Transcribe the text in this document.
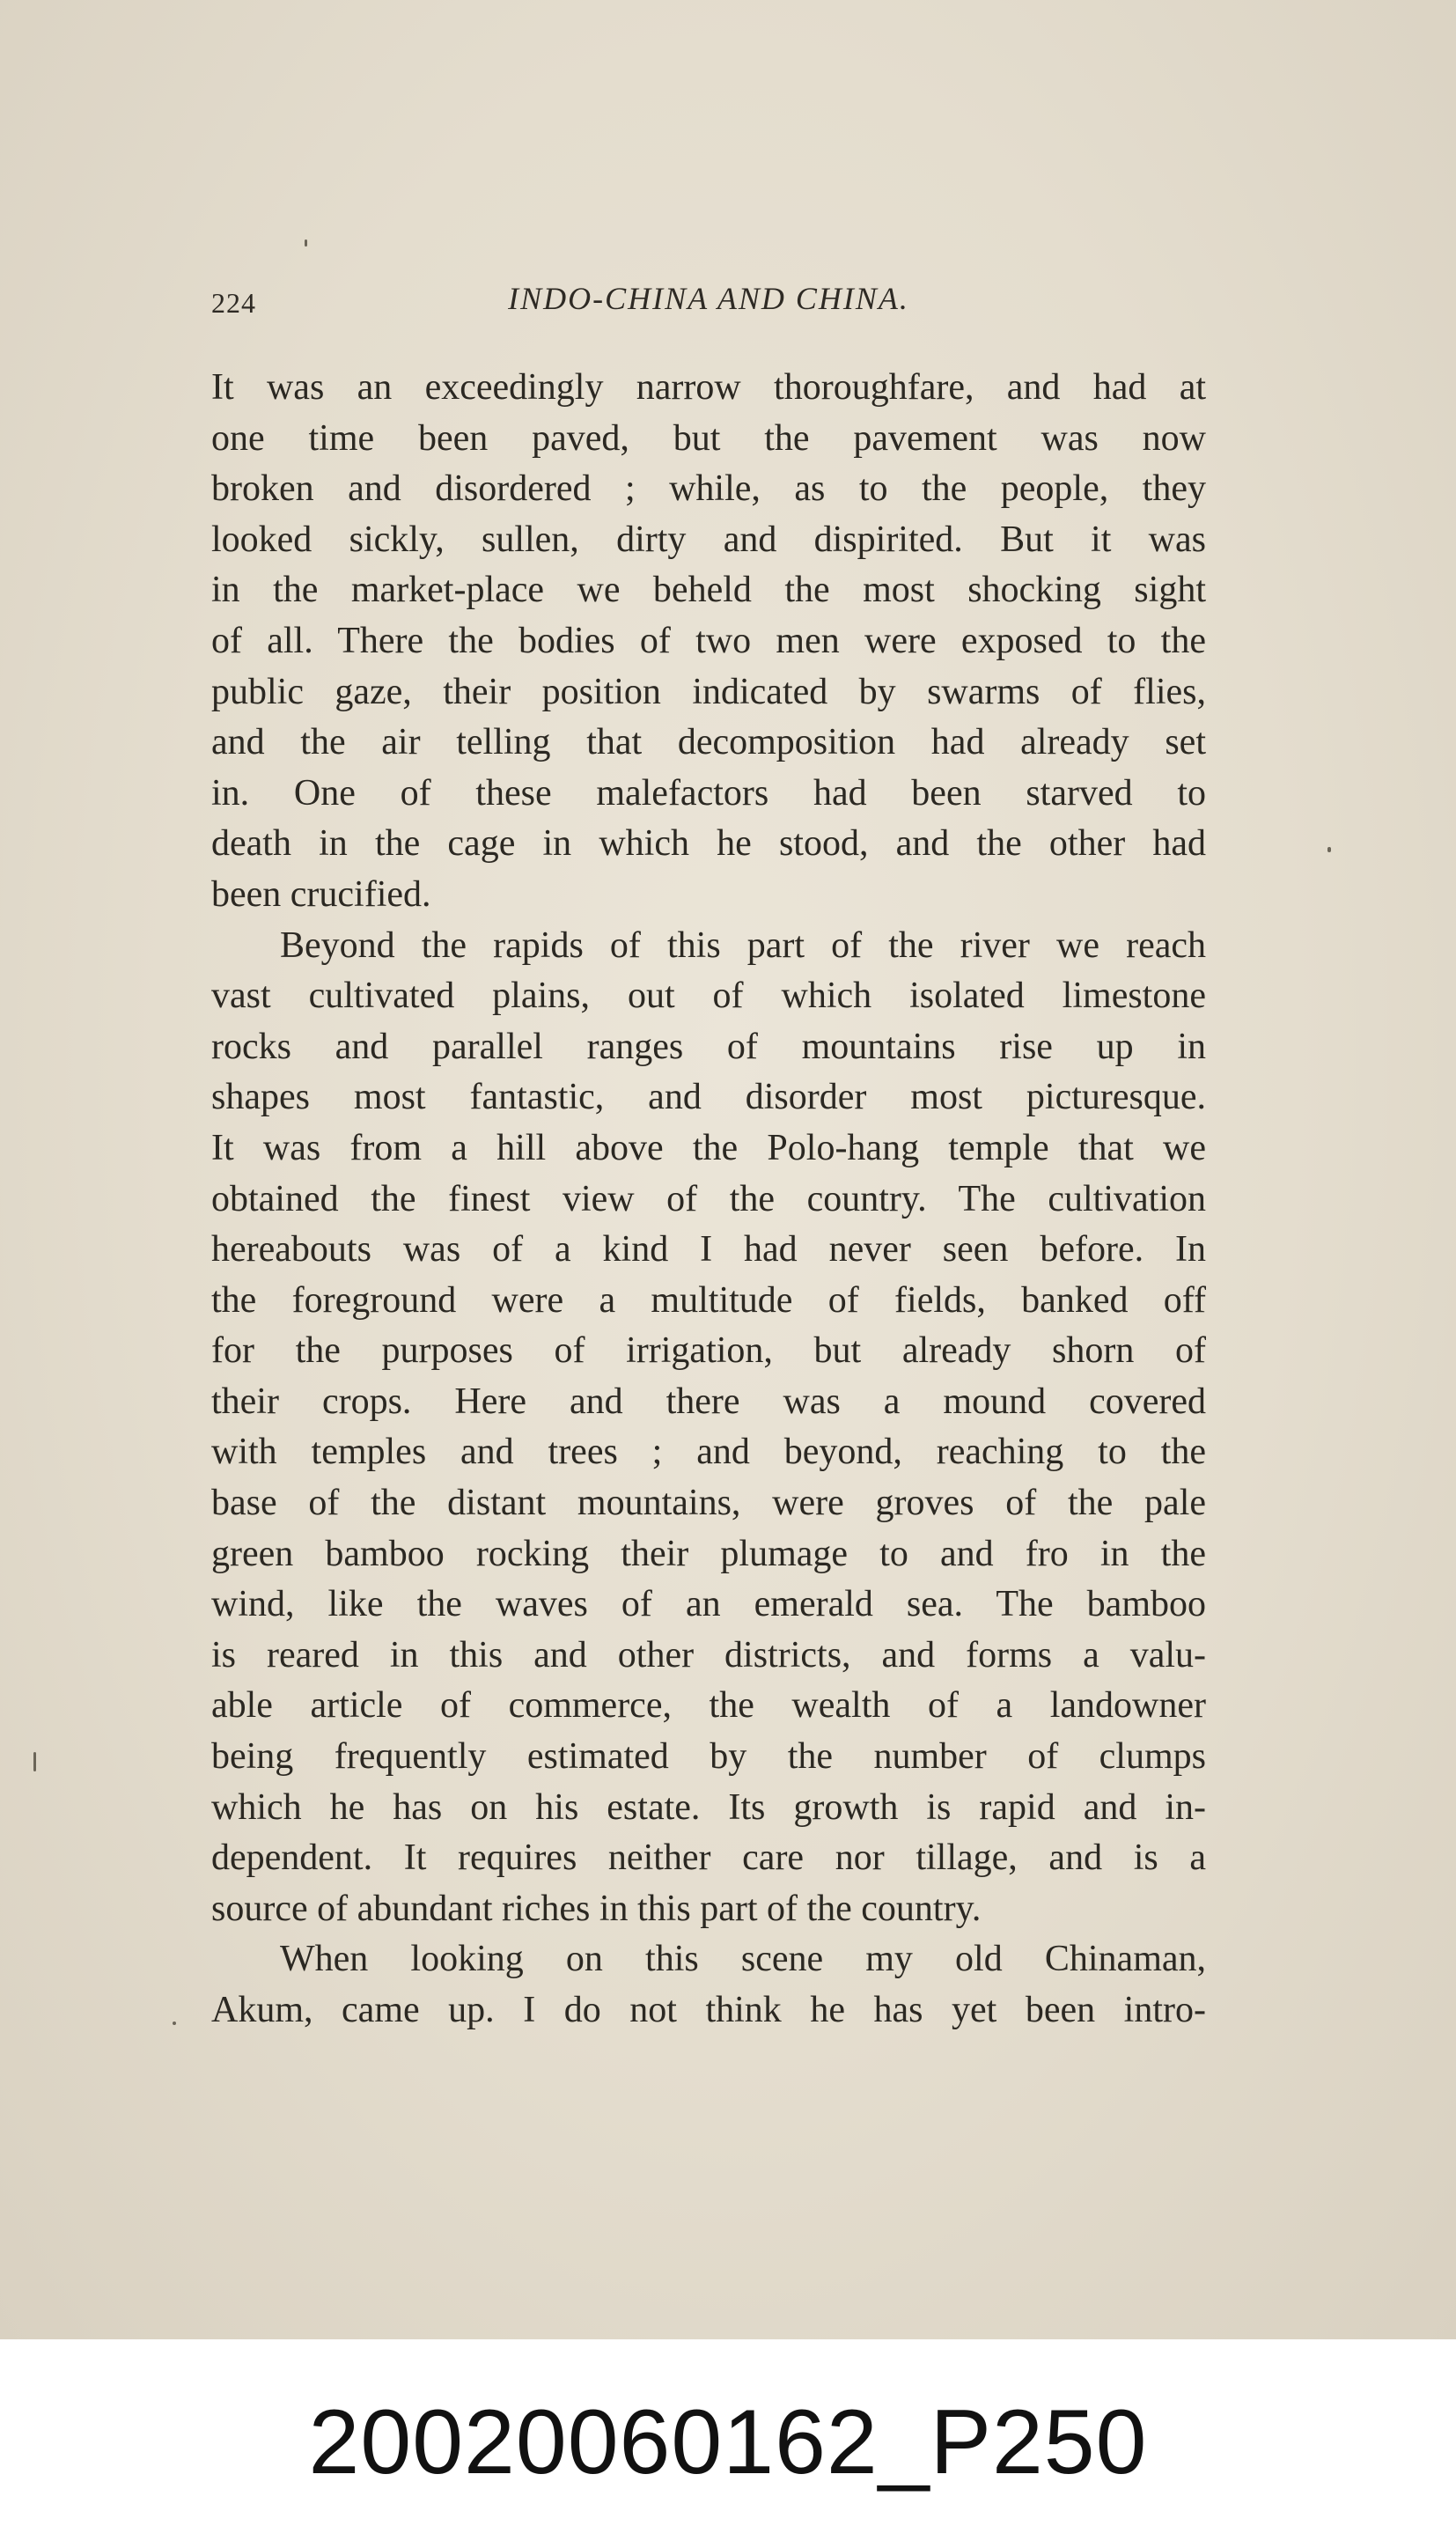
224	INDO-CHINA AND CHINA.
It was an exceedingly narrow thoroughfare, and had at
one time been paved, but the pavement was now
broken and disordered ; while, as to the people, they
looked sickly, sullen, dirty and dispirited. But it was
in the market-place we beheld the most shocking sight
of all. There the bodies of two men were exposed to the
public gaze, their position indicated by swarms of flies,
and the air telling that decomposition had already set
in. One of these malefactors had been starved to
death in the cage in which he stood, and the other had
been crucified.
Beyond the rapids of this part of the river we reach
vast cultivated plains, out of which isolated limestone
rocks and parallel ranges of mountains rise up in
shapes most fantastic, and disorder most picturesque.
It was from a hill above the Polo-hang temple that we
obtained the finest view of the country. The cultivation
hereabouts was of a kind I had never seen before. In
the foreground were a multitude of fields, banked off
for the purposes of irrigation, but already shorn of
their crops. Here and there was a mound covered
with temples and trees ; and beyond, reaching to the
base of the distant mountains, were groves of the pale
green bamboo rocking their plumage to and fro in the
wind, like the waves of an emerald sea. The bamboo
is reared in this and other districts, and forms a valu-
able article of commerce, the wealth of a landowner
being frequently estimated by the number of clumps
which he has on his estate. Its growth is rapid and in-
dependent. It requires neither care nor tillage, and is a
source of abundant riches in this part of the country.
When looking on this scene my old Chinaman,
Akum, came up. I do not think he has yet been intro-
20020060162_P250
